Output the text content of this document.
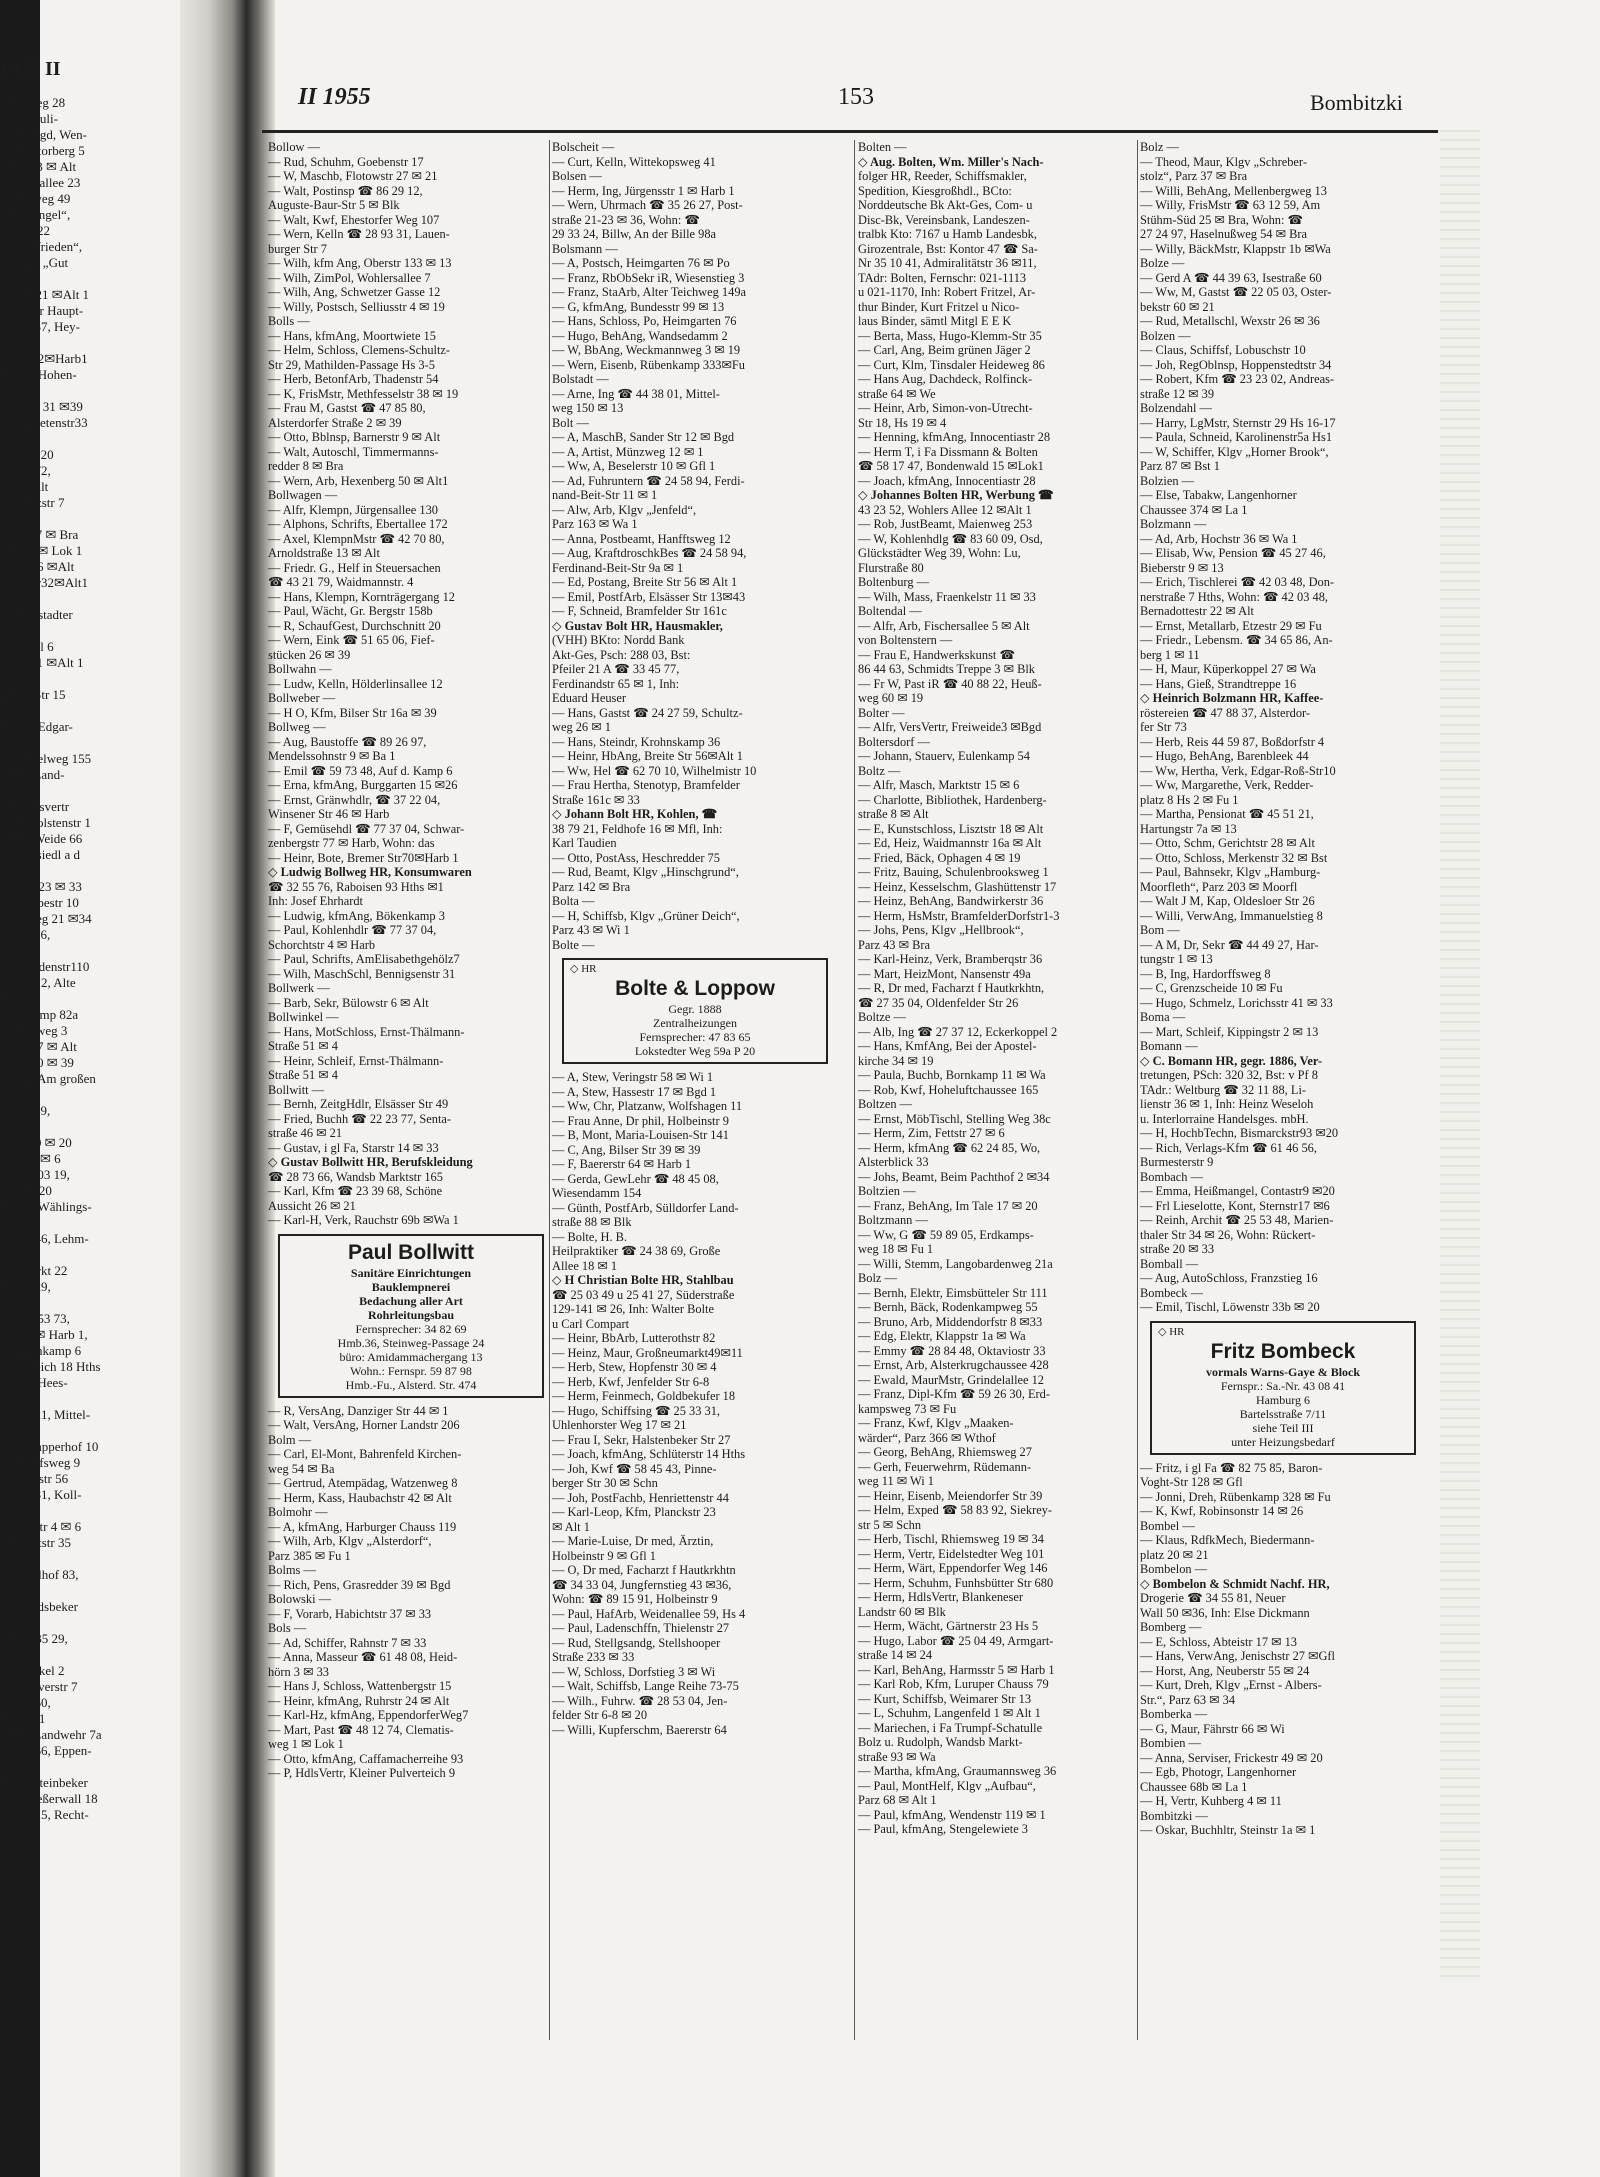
1955 II
sternweg 28
u St-Pauli-
5 28, Bgd, Wen-
h: Doktorberg 5
allee 23 ✉ Alt
Goetheallee 23
r, Hofweg 49
„Dreeangel“,
angstr 22
v „Seefrieden“,
s, Klgv „Gut
Bra
eallee 21 ✉Alt 1
Luruper Haupt-
45 03 37, Hey-
0
ngstr 22✉Harb1
84 37, Hohen-
Alt
treasstr 31 ✉39
Margaretenstr33

landstr 20
43 45 72,
27 ✉ Alt
lmholtzstr 7

krön 87 ✉ Bra
eld 39 ✉ Lok 1
destr 16 ✉Alt
tothestr32✉Alt1

Schlettstadter

tstremel 6
enstr 11 ✉Alt 1

pener Str 15

80 72, Edgar-
20
3, Mittelweg 155
Hohe Land-

Handelsvertr
Alte Holstenstr 1
Hohe Weide 66
„Kleinsiedl a d
✉ 33
feldstr 23 ✉ 33
O, Garbestr 10
iemsweg 21 ✉34
63 11 76,

ss, Thadenstr110
56 20 12, Alte
Po
übenkamp 82a
Kuhnsweg 3
enstr 47 ✉ Alt
destr 20 ✉ 39
ng 44, Am großen
b 1
28 11 69,
✉ Wa
nistr 30 ✉ 20
str 111 ✉ 6
edt 48 03 19,
173 ✉ 20
83 20, Wählings-

48 07 46, Lehm-

neumarkt 22
89 35 29,
26
del 77 53 73,
str 38 ✉ Harb 1,
Roggenkamp 6
mer Deich 18 Hths
ckarb, Hees-

44 32 21, Mittel-

Lo, Klapperhof 10
Carlorffsweg 9
Gilbertstr 56
59 70 81, Koll-

olinenstr 4 ✉ 6
Hastedtstr 35

Grindelhof 83,

e, Wandsbeker
23
elr 89 35 29,

oorwinkel 2
isencleverstr 7
22 25 60,
81 ✉ 21
Hohe Landwehr 7a
48 42 66, Eppen-
✉ 20
lksw, Steinbeker
ckengießerwall 18
28 13 15, Recht-
II 1955	153	Bombitzki
Bollow —
— Rud, Schuhm, Goebenstr 17
— W, Maschb, Flotowstr 27 ✉ 21
— Walt, Postinsp ☎ 86 29 12,
Auguste-Baur-Str 5 ✉ Blk
— Walt, Kwf, Ehestorfer Weg 107
— Wern, Kelln ☎ 28 93 31, Lauen-
burger Str 7
— Wilh, kfm Ang, Oberstr 133 ✉ 13
— Wilh, ZimPol, Wohlersallee 7
— Wilh, Ang, Schwetzer Gasse 12
— Willy, Postsch, Selliusstr 4 ✉ 19
Bolls —
— Hans, kfmAng, Moortwiete 15
— Helm, Schloss, Clemens-Schultz-
Str 29, Mathilden-Passage Hs 3-5
— Herb, BetonfArb, Thadenstr 54
— K, FrisMstr, Methfesselstr 38 ✉ 19
— Frau M, Gastst ☎ 47 85 80,
Alsterdorfer Straße 2 ✉ 39
— Otto, Bblnsp, Barnerstr 9 ✉ Alt
— Walt, Autoschl, Timmermanns-
redder 8 ✉ Bra
— Wern, Arb, Hexenberg 50 ✉ Alt1
Bollwagen —
— Alfr, Klempn, Jürgensallee 130
— Alphons, Schrifts, Ebertallee 172
— Axel, KlempnMstr ☎ 42 70 80,
Arnoldstraße 13 ✉ Alt
— Friedr. G., Helf in Steuersachen
☎ 43 21 79, Waidmannstr. 4
— Hans, Klempn, Kornträgergang 12
— Paul, Wächt, Gr. Bergstr 158b
— R, SchaufGest, Durchschnitt 20
— Wern, Eink ☎ 51 65 06, Fief-
stücken 26 ✉ 39
Bollwahn —
— Ludw, Kelln, Hölderlinsallee 12
Bollweber —
— H O, Kfm, Bilser Str 16a ✉ 39
Bollweg —
— Aug, Baustoffe ☎ 89 26 97,
Mendelssohnstr 9 ✉ Ba 1
— Emil ☎ 59 73 48, Auf d. Kamp 6
— Erna, kfmAng, Burggarten 15 ✉26
— Ernst, Gränwhdlr, ☎ 37 22 04,
Winsener Str 46 ✉ Harb
— F, Gemüsehdl ☎ 77 37 04, Schwar-
zenbergstr 77 ✉ Harb, Wohn: das
— Heinr, Bote, Bremer Str70✉Harb 1
◇ Ludwig Bollweg HR, Konsumwaren
☎ 32 55 76, Raboisen 93 Hths ✉1
Inh: Josef Ehrhardt
— Ludwig, kfmAng, Bökenkamp 3
— Paul, Kohlenhdlr ☎ 77 37 04,
Schorchtstr 4 ✉ Harb
— Paul, Schrifts, AmElisabethgehölz7
— Wilh, MaschSchl, Bennigsenstr 31
Bollwerk —
— Barb, Sekr, Bülowstr 6 ✉ Alt
Bollwinkel —
— Hans, MotSchloss, Ernst-Thälmann-
Straße 51 ✉ 4
— Heinr, Schleif, Ernst-Thälmann-
Straße 51 ✉ 4
Bollwitt —
— Bernh, ZeitgHdlr, Elsässer Str 49
— Fried, Buchh ☎ 22 23 77, Senta-
straße 46 ✉ 21
— Gustav, i gl Fa, Starstr 14 ✉ 33
◇ Gustav Bollwitt HR, Berufskleidung
☎ 28 73 66, Wandsb Marktstr 165
— Karl, Kfm ☎ 23 39 68, Schöne
Aussicht 26 ✉ 21
— Karl-H, Verk, Rauchstr 69b ✉Wa 1
Paul Bollwitt
Sanitäre Einrichtungen
Bauklempnerei
Bedachung aller Art
Rohrleitungsbau
Fernsprecher: 34 82 69
Hmb.36, Steinweg-Passage 24
büro: Amidammachergang 13
Wohn.: Fernspr. 59 87 98
Hmb.-Fu., Alsterd. Str. 474
— R, VersAng, Danziger Str 44 ✉ 1
— Walt, VersAng, Horner Landstr 206
Bolm —
— Carl, El-Mont, Bahrenfeld Kirchen-
weg 54 ✉ Ba
— Gertrud, Atempädag, Watzenweg 8
— Herm, Kass, Haubachstr 42 ✉ Alt
Bolmohr —
— A, kfmAng, Harburger Chauss 119
— Wilh, Arb, Klgv „Alsterdorf“,
Parz 385 ✉ Fu 1
Bolms —
— Rich, Pens, Grasredder 39 ✉ Bgd
Bolowski —
— F, Vorarb, Habichtstr 37 ✉ 33
Bols —
— Ad, Schiffer, Rahnstr 7 ✉ 33
— Anna, Masseur ☎ 61 48 08, Heid-
hörn 3 ✉ 33
— Hans J, Schloss, Wattenbergstr 15
— Heinr, kfmAng, Ruhrstr 24 ✉ Alt
— Karl-Hz, kfmAng, EppendorferWeg7
— Mart, Past ☎ 48 12 74, Clematis-
weg 1 ✉ Lok 1
— Otto, kfmAng, Caffamacherreihe 93
— P, HdlsVertr, Kleiner Pulverteich 9
Bolscheit —
— Curt, Kelln, Wittekopsweg 41
Bolsen —
— Herm, Ing, Jürgensstr 1 ✉ Harb 1
— Wern, Uhrmach ☎ 35 26 27, Post-
straße 21-23 ✉ 36, Wohn: ☎
29 33 24, Billw, An der Bille 98a
Bolsmann —
— A, Postsch, Heimgarten 76 ✉ Po
— Franz, RbObSekr iR, Wiesenstieg 3
— Franz, StaArb, Alter Teichweg 149a
— G, kfmAng, Bundesstr 99 ✉ 13
— Hans, Schloss, Po, Heimgarten 76
— Hugo, BehAng, Wandsedamm 2
— W, BbAng, Weckmannweg 3 ✉ 19
— Wern, Eisenb, Rübenkamp 333✉Fu
Bolstadt —
— Arne, Ing ☎ 44 38 01, Mittel-
weg 150 ✉ 13
Bolt —
— A, MaschB, Sander Str 12 ✉ Bgd
— A, Artist, Münzweg 12 ✉ 1
— Ww, A, Beselerstr 10 ✉ Gfl 1
— Ad, Fuhruntern ☎ 24 58 94, Ferdi-
nand-Beit-Str 11 ✉ 1
— Alw, Arb, Klgv „Jenfeld“,
Parz 163 ✉ Wa 1
— Anna, Postbeamt, Hanfftsweg 12
— Aug, KraftdroschkBes ☎ 24 58 94,
Ferdinand-Beit-Str 9a ✉ 1
— Ed, Postang, Breite Str 56 ✉ Alt 1
— Emil, PostfArb, Elsässer Str 13✉43
— F, Schneid, Bramfelder Str 161c
◇ Gustav Bolt HR, Hausmakler,
(VHH) BKto: Nordd Bank
Akt-Ges, Psch: 288 03, Bst:
Pfeiler 21 A ☎ 33 45 77,
Ferdinandstr 65 ✉ 1, Inh:
Eduard Heuser
— Hans, Gastst ☎ 24 27 59, Schultz-
weg 26 ✉ 1
— Hans, Steindr, Krohnskamp 36
— Heinr, HbAng, Breite Str 56✉Alt 1
— Ww, Hel ☎ 62 70 10, Wilhelmistr 10
— Frau Hertha, Stenotyp, Bramfelder
Straße 161c ✉ 33
◇ Johann Bolt HR, Kohlen, ☎
38 79 21, Feldhofe 16 ✉ Mfl, Inh:
Karl Taudien
— Otto, PostAss, Heschredder 75
— Rud, Beamt, Klgv „Hinschgrund“,
Parz 142 ✉ Bra
Bolta —
— H, Schiffsb, Klgv „Grüner Deich“,
Parz 43 ✉ Wi 1
Bolte —
◇ HR
Bolte & Loppow
Gegr. 1888
Zentralheizungen
Fernsprecher: 47 83 65
Lokstedter Weg 59a P 20
— A, Stew, Veringstr 58 ✉ Wi 1
— A, Stew, Hassestr 17 ✉ Bgd 1
— Ww, Chr, Platzanw, Wolfshagen 11
— Frau Anne, Dr phil, Holbeinstr 9
— B, Mont, Maria-Louisen-Str 141
— C, Ang, Bilser Str 39 ✉ 39
— F, Baererstr 64 ✉ Harb 1
— Gerda, GewLehr ☎ 48 45 08,
Wiesendamm 154
— Günth, PostfArb, Sülldorfer Land-
straße 88 ✉ Blk
— Bolte, H. B.
Heilpraktiker ☎ 24 38 69, Große
Allee 18 ✉ 1
◇ H Christian Bolte HR, Stahlbau
☎ 25 03 49 u 25 41 27, Süderstraße
129-141 ✉ 26, Inh: Walter Bolte
u Carl Compart
— Heinr, BbArb, Lutterothstr 82
— Heinz, Maur, Großneumarkt49✉11
— Herb, Stew, Hopfenstr 30 ✉ 4
— Herb, Kwf, Jenfelder Str 6-8
— Herm, Feinmech, Goldbekufer 18
— Hugo, Schiffsing ☎ 25 33 31,
Uhlenhorster Weg 17 ✉ 21
— Frau I, Sekr, Halstenbeker Str 27
— Joach, kfmAng, Schlüterstr 14 Hths
— Joh, Kwf ☎ 58 45 43, Pinne-
berger Str 30 ✉ Schn
— Joh, PostFachb, Henriettenstr 44
— Karl-Leop, Kfm, Planckstr 23
✉ Alt 1
— Marie-Luise, Dr med, Ärztin,
Holbeinstr 9 ✉ Gfl 1
— O, Dr med, Facharzt f Hautkrkhtn
☎ 34 33 04, Jungfernstieg 43 ✉36,
Wohn: ☎ 89 15 91, Holbeinstr 9
— Paul, HafArb, Weidenallee 59, Hs 4
— Paul, Ladenschffn, Thielenstr 27
— Rud, Stellgsandg, Stellshooper
Straße 233 ✉ 33
— W, Schloss, Dorfstieg 3 ✉ Wi
— Walt, Schiffsb, Lange Reihe 73-75
— Wilh., Fuhrw. ☎ 28 53 04, Jen-
felder Str 6-8 ✉ 20
— Willi, Kupferschm, Baererstr 64
Bolten —
◇ Aug. Bolten, Wm. Miller's Nach-
folger HR, Reeder, Schiffsmakler,
Spedition, Kiesgroßhdl., BCto:
Norddeutsche Bk Akt-Ges, Com- u
Disc-Bk, Vereinsbank, Landeszen-
tralbk Kto: 7167 u Hamb Landesbk,
Girozentrale, Bst: Kontor 47 ☎ Sa-
Nr 35 10 41, Admiralitätstr 36 ✉11,
TAdr: Bolten, Fernschr: 021-1113
u 021-1170, Inh: Robert Fritzel, Ar-
thur Binder, Kurt Fritzel u Nico-
laus Binder, sämtl Mitgl E E K
— Berta, Mass, Hugo-Klemm-Str 35
— Carl, Ang, Beim grünen Jäger 2
— Curt, Klm, Tinsdaler Heideweg 86
— Hans Aug, Dachdeck, Rolfinck-
straße 64 ✉ We
— Heinr, Arb, Simon-von-Utrecht-
Str 18, Hs 19 ✉ 4
— Henning, kfmAng, Innocentiastr 28
— Herm T, i Fa Dissmann & Bolten
☎ 58 17 47, Bondenwald 15 ✉Lok1
— Joach, kfmAng, Innocentiastr 28
◇ Johannes Bolten HR, Werbung ☎
43 23 52, Wohlers Allee 12 ✉Alt 1
— Rob, JustBeamt, Maienweg 253
— W, Kohlenhdlg ☎ 83 60 09, Osd,
Glückstädter Weg 39, Wohn: Lu,
Flurstraße 80
Boltenburg —
— Wilh, Mass, Fraenkelstr 11 ✉ 33
Boltendal —
— Alfr, Arb, Fischersallee 5 ✉ Alt
von Boltenstern —
— Frau E, Handwerkskunst ☎
86 44 63, Schmidts Treppe 3 ✉ Blk
— Fr W, Past iR ☎ 40 88 22, Heuß-
weg 60 ✉ 19
Bolter —
— Alfr, VersVertr, Freiweide3 ✉Bgd
Boltersdorf —
— Johann, Stauerv, Eulenkamp 54
Boltz —
— Alfr, Masch, Marktstr 15 ✉ 6
— Charlotte, Bibliothek, Hardenberg-
straße 8 ✉ Alt
— E, Kunstschloss, Lisztstr 18 ✉ Alt
— Ed, Heiz, Waidmannstr 16a ✉ Alt
— Fried, Bäck, Ophagen 4 ✉ 19
— Fritz, Bauing, Schulenbrooksweg 1
— Heinz, Kesselschm, Glashüttenstr 17
— Heinz, BehAng, Bandwirkerstr 36
— Herm, HsMstr, BramfelderDorfstr1-3
— Johs, Pens, Klgv „Hellbrook“,
Parz 43 ✉ Bra
— Karl-Heinz, Verk, Bramberqstr 36
— Mart, HeizMont, Nansenstr 49a
— R, Dr med, Facharzt f Hautkrkhtn,
☎ 27 35 04, Oldenfelder Str 26
Boltze —
— Alb, Ing ☎ 27 37 12, Eckerkoppel 2
— Hans, KmfAng, Bei der Apostel-
kirche 34 ✉ 19
— Paula, Buchb, Bornkamp 11 ✉ Wa
— Rob, Kwf, Hoheluftchaussee 165
Boltzen —
— Ernst, MöbTischl, Stelling Weg 38c
— Herm, Zim, Fettstr 27 ✉ 6
— Herm, kfmAng ☎ 62 24 85, Wo,
Alsterblick 33
— Johs, Beamt, Beim Pachthof 2 ✉34
Boltzien —
— Franz, BehAng, Im Tale 17 ✉ 20
Boltzmann —
— Ww, G ☎ 59 89 05, Erdkamps-
weg 18 ✉ Fu 1
— Willi, Stemm, Langobardenweg 21a
Bolz —
— Bernh, Elektr, Eimsbütteler Str 111
— Bernh, Bäck, Rodenkampweg 55
— Bruno, Arb, Middendorfstr 8 ✉33
— Edg, Elektr, Klappstr 1a ✉ Wa
— Emmy ☎ 28 84 48, Oktaviostr 33
— Ernst, Arb, Alsterkrugchaussee 428
— Ewald, MaurMstr, Grindelallee 12
— Franz, Dipl-Kfm ☎ 59 26 30, Erd-
kampsweg 73 ✉ Fu
— Franz, Kwf, Klgv „Maaken-
wärder“, Parz 366 ✉ Wthof
— Georg, BehAng, Rhiemsweg 27
— Gerh, Feuerwehrm, Rüdemann-
weg 11 ✉ Wi 1
— Heinr, Eisenb, Meiendorfer Str 39
— Helm, Exped ☎ 58 83 92, Siekrey-
str 5 ✉ Schn
— Herb, Tischl, Rhiemsweg 19 ✉ 34
— Herm, Vertr, Eidelstedter Weg 101
— Herm, Wärt, Eppendorfer Weg 146
— Herm, Schuhm, Funhsbütter Str 680
— Herm, HdlsVertr, Blankeneser
Landstr 60 ✉ Blk
— Herm, Wächt, Gärtnerstr 23 Hs 5
— Hugo, Labor ☎ 25 04 49, Armgart-
straße 14 ✉ 24
— Karl, BehAng, Harmsstr 5 ✉ Harb 1
— Karl Rob, Kfm, Luruper Chauss 79
— Kurt, Schiffsb, Weimarer Str 13
— L, Schuhm, Langenfeld 1 ✉ Alt 1
— Mariechen, i Fa Trumpf-Schatulle
Bolz u. Rudolph, Wandsb Markt-
straße 93 ✉ Wa
— Martha, kfmAng, Graumannsweg 36
— Paul, MontHelf, Klgv „Aufbau“,
Parz 68 ✉ Alt 1
— Paul, kfmAng, Wendenstr 119 ✉ 1
— Paul, kfmAng, Stengelewiete 3
Bolz —
— Theod, Maur, Klgv „Schreber-
stolz“, Parz 37 ✉ Bra
— Willi, BehAng, Mellenbergweg 13
— Willy, FrisMstr ☎ 63 12 59, Am
Stühm-Süd 25 ✉ Bra, Wohn: ☎
27 24 97, Haselnußweg 54 ✉ Bra
— Willy, BäckMstr, Klappstr 1b ✉Wa
Bolze —
— Gerd A ☎ 44 39 63, Isestraße 60
— Ww, M, Gastst ☎ 22 05 03, Oster-
bekstr 60 ✉ 21
— Rud, Metallschl, Wexstr 26 ✉ 36
Bolzen —
— Claus, Schiffsf, Lobuschstr 10
— Joh, RegOblnsp, Hoppenstedtstr 34
— Robert, Kfm ☎ 23 23 02, Andreas-
straße 12 ✉ 39
Bolzendahl —
— Harry, LgMstr, Sternstr 29 Hs 16-17
— Paula, Schneid, Karolinenstr5a Hs1
— W, Schiffer, Klgv „Horner Brook“,
Parz 87 ✉ Bst 1
Bolzien —
— Else, Tabakw, Langenhorner
Chaussee 374 ✉ La 1
Bolzmann —
— Ad, Arb, Hochstr 36 ✉ Wa 1
— Elisab, Ww, Pension ☎ 45 27 46,
Bieberstr 9 ✉ 13
— Erich, Tischlerei ☎ 42 03 48, Don-
nerstraße 7 Hths, Wohn: ☎ 42 03 48,
Bernadottestr 22 ✉ Alt
— Ernst, Metallarb, Etzestr 29 ✉ Fu
— Friedr., Lebensm. ☎ 34 65 86, An-
berg 1 ✉ 11
— H, Maur, Küperkoppel 27 ✉ Wa
— Hans, Gieß, Strandtreppe 16
◇ Heinrich Bolzmann HR, Kaffee-
röstereien ☎ 47 88 37, Alsterdor-
fer Str 73
— Herb, Reis 44 59 87, Boßdorfstr 4
— Hugo, BehAng, Barenbleek 44
— Ww, Hertha, Verk, Edgar-Roß-Str10
— Ww, Margarethe, Verk, Redder-
platz 8 Hs 2 ✉ Fu 1
— Martha, Pensionat ☎ 45 51 21,
Hartungstr 7a ✉ 13
— Otto, Schm, Gerichtstr 28 ✉ Alt
— Otto, Schloss, Merkenstr 32 ✉ Bst
— Paul, Bahnsekr, Klgv „Hamburg-
Moorfleth“, Parz 203 ✉ Moorfl
— Walt J M, Kap, Oldesloer Str 26
— Willi, VerwAng, Immanuelstieg 8
Bom —
— A M, Dr, Sekr ☎ 44 49 27, Har-
tungstr 1 ✉ 13
— B, Ing, Hardorffsweg 8
— C, Grenzscheide 10 ✉ Fu
— Hugo, Schmelz, Lorichsstr 41 ✉ 33
Boma —
— Mart, Schleif, Kippingstr 2 ✉ 13
Bomann —
◇ C. Bomann HR, gegr. 1886, Ver-
tretungen, PSch: 320 32, Bst: v Pf 8
TAdr.: Weltburg ☎ 32 11 88, Li-
lienstr 36 ✉ 1, Inh: Heinz Weseloh
u. Interlorraine Handelsges. mbH.
— H, HochbTechn, Bismarckstr93 ✉20
— Rich, Verlags-Kfm ☎ 61 46 56,
Burmesterstr 9
Bombach —
— Emma, Heißmangel, Contastr9 ✉20
— Frl Lieselotte, Kont, Sternstr17 ✉6
— Reinh, Archit ☎ 25 53 48, Marien-
thaler Str 34 ✉ 26, Wohn: Rückert-
straße 20 ✉ 33
Bomball —
— Aug, AutoSchloss, Franzstieg 16
Bombeck —
— Emil, Tischl, Löwenstr 33b ✉ 20
◇ HR
Fritz Bombeck
vormals Warns-Gaye & Block
Fernspr.: Sa.-Nr. 43 08 41
Hamburg 6
Bartelsstraße 7/11
siehe Teil III
unter Heizungsbedarf
— Fritz, i gl Fa ☎ 82 75 85, Baron-
Voght-Str 128 ✉ Gfl
— Jonni, Dreh, Rübenkamp 328 ✉ Fu
— K, Kwf, Robinsonstr 14 ✉ 26
Bombel —
— Klaus, RdfkMech, Biedermann-
platz 20 ✉ 21
Bombelon —
◇ Bombelon & Schmidt Nachf. HR,
Drogerie ☎ 34 55 81, Neuer
Wall 50 ✉36, Inh: Else Dickmann
Bomberg —
— E, Schloss, Abteistr 17 ✉ 13
— Hans, VerwAng, Jenischstr 27 ✉Gfl
— Horst, Ang, Neuberstr 55 ✉ 24
— Kurt, Dreh, Klgv „Ernst - Albers-
Str.“, Parz 63 ✉ 34
Bomberka —
— G, Maur, Fährstr 66 ✉ Wi
Bombien —
— Anna, Serviser, Frickestr 49 ✉ 20
— Egb, Photogr, Langenhorner
Chaussee 68b ✉ La 1
— H, Vertr, Kuhberg 4 ✉ 11
Bombitzki —
— Oskar, Buchhltr, Steinstr 1a ✉ 1
